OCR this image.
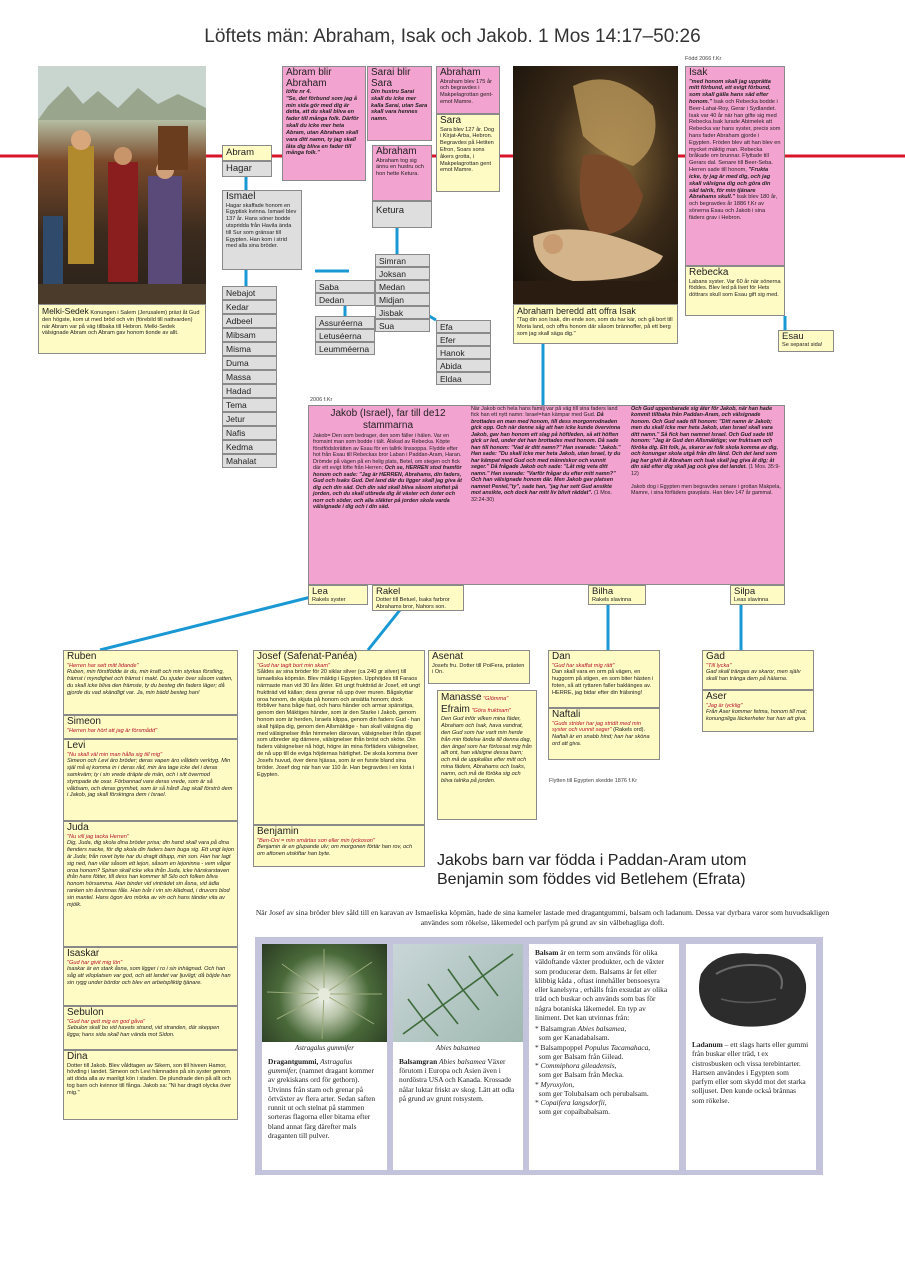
Löftets män: Abraham, Isak och Jakob. 1 Mos 14:17–50:26
Melki-Sedek Konungen i Salem (Jerusalem) präst åt Gud den högste, kom ut med bröd och vin (förebild till nattvarden) när Abram var på väg tillbaka till Hebron. Melki-Sedek välsignade Abram och Abram gav honom tionde av allt.
Abram
Hagar
Abram blir Abraham
löfte nr 4.
"Se, det förbund som jag å min sida gör med dig är detta, att du skall bliva en fader till många folk. Därför skall du icke mer heta Abram, utan Abraham skall vara ditt namn, ty jag skall låta dig bliva en fader till många folk."
Sarai blir Sara
Din hustru Sarai skall du icke mer kalla Sarai, utan Sara skall vara hennes namn.
Abraham
Abraham tog sig ännu en hustru och hon hette Ketura.
Ketura
Abraham
Abraham blev 175 år och begravdes i Makpelagrottan gent-emot Mamre.
Sara
Sara blev 127 år. Dog i Kirjat-Arba, Hebron. Begravdes på Hetiten Efron, Soars sons åkers grotta, i Makpelagrottan gent emot Mamre.
Ismael
Hagar skaffade honom en Egyptisk kvinna. Ismael blev 137 år. Hans söner bodde utspridda från Havila ända till Sur som gränsar till Egypten. Han kom i strid med alla sina bröder.
Nebajot
Kedar
Adbeel
Mibsam
Misma
Duma
Massa
Hadad
Tema
Jetur
Nafis
Kedma
Mahalat
Simran
Joksan
Medan
Midjan
Jisbak
Sua
Saba
Dedan
Assuréerna
Letuséerna
Leumméerna
Efa
Efer
Hanok
Abida
Eldaa
Abraham beredd att offra Isak
"Tag din son Isak, din ende son, som du har kär, och gå bort till Moria land, och offra honom där såsom brännoffer, på ett berg som jag skall säga dig."
Född 2066 f.Kr
Isak
"med honom skall jag upprätta mitt förbund, ett evigt förbund, som skall gälla hans säd efter honom." Isak och Rebecka bodde i Beer-Lahai-Roy, Gerar i Sydlandet. Isak var 40 år när han gifte sig med Rebecka.Isak lurade Abimelek att Rebecka var hans syster, precis som hans fader Abraham gjorde i Egypten. Fröden blev att han blev en mycket mäktig man. Rebecka bråkade om brunnar. Flyttade till Gerars dal. Senare till Beer-Seba. Herren sade till honom, "Frukta icke, ty jag är med dig, och jag skall välsigna dig och göra din säd talrik, för min tjänare Abrahams skull." Isak blev 180 år, och begravdes år 1886 f.Kr av sönerna Esau och Jakob i sina fäders grav i Hebron.
Rebecka
Labans syster. Var 60 år när sönerna föddes. Blev led på livet för Hets döttrars skull som Esau gift sig med.
Esau
Se separat sida!
2006 f.Kr
Jakob (Israel), far till de12 stammarna
Jakob= Den som bedrager, den som fäller i hälen. Var en fromsint man som bodde i tält. Älskad av Rebecka. Köpte förstfödslorätten av Esau för en tallrik linssoppa. Flydde efter hot från Esau till Rebeckas bror Laban i Paddan-Aram, Haran. Drömde på vägen på en helig plats, Betel, om stegen och fick där ett evigt löfte från Herren; Och se, HERREN stod framför honom och sade: "Jag är HERREN, Abrahams, din faders, Gud och Isaks Gud. Det land där du ligger skall jag giva åt dig och din säd. Och din säd skall bliva såsom stoftet på jorden, och du skall utbreda dig åt väster och öster och norr och söder, och alla släkter på jorden skola varda välsignade i dig och i din säd.
När Jakob och hela hans familj var på väg till sina faders land fick han ett nytt namn: Israel=han kämpar med Gud. Då brottades en man med honom, till dess morgonrodnaden gick opp. Och när denne såg att han icke kunde övervinna Jakob, gav han honom ett slag på höftleden, så att höften gick ur led, under det han brottades med honom. Då sade han till honom: "Vad är ditt namn?" Han svarade: "Jakob." Han sade: "Du skall icke mer heta Jakob, utan Israel, ty du har kämpat med Gud och med människor och vunnit seger." Då frågade Jakob och sade: "Låt mig veta ditt namn." Han svarade: "Varför frågar du efter mitt namn?" Och han välsignade honom där. Men Jakob gav platsen namnet Peniel,"ty", sade han, "jag har sett Gud ansikte mot ansikte, och dock har mitt liv blivit räddat". (1 Mos. 32:24-30)
Och Gud uppenbarade sig åter för Jakob, när han hade kommit tillbaka från Paddan-Aram, och välsignade honom. Och Gud sade till honom: "Ditt namn är Jakob; men du skall icke mer heta Jakob, utan Israel skall vara ditt namn." Så fick han namnet Israel. Och Gud sade till honom: "Jag är Gud den Allsmäktige; var fruktsam och föröka dig. Ett folk, ja, skaror av folk skola komma av dig, och konungar skola utgå från din länd. Och det land som jag har givit åt Abraham och Isak skall jag giva åt dig; åt din säd efter dig skall jag ock giva det landet. (1 Mos. 35:9-12)

Jakob dog i Egypten men begravdes senare i grottan Makpela, Mamre, i sina förfäders gravplats. Han blev 147 år gammal.
Lea
Rakels syster
Rakel
Dotter till Betuel, Isaks farbror Abrahams bror, Nahors son.
Bilha
Rakels slavinna
Silpa
Leas slavinna
Ruben
"Herren har sett mitt lidande"
Ruben, min förstfödde är du, min kraft och min styrkas förstling, främst i myndighet och främst i makt. Du sjuder över såsom vatten, du skall icke bliva den främste, ty du besteg din faders läger; då gjorde du vad skändligt var. Ja, min bädd besteg han!
Simeon
"Herren har hört att jag är försmådd"
Levi
"Nu skall väl min man hålla sig till mig"
Simeon och Levi äro bröder; deras vapen äro våldets verktyg. Min själ må ej komma in i deras råd, min ära tage icke del i deras samkväm; ty i sin vrede dräpte de män, och i sitt övermod stympade de oxar. Förbannad vare deras vrede, som är så våldsam, och deras grymhet, som är så hård! Jag skall förströ dem i Jakob, jag skall förskingra dem i Israel.
Juda
"Nu vill jag tacka Herren"
Dig, Juda, dig skola dina bröder prisa; din hand skall vara på dina fienders nacke, för dig skola din faders barn buga sig. Ett ungt lejon är Juda; från rovet byte har du dragit ditupp, min son. Han har lagt sig ned, han vilar såsom ett lejon, såsom en lejoninna - vem vågar oroa honom? Spiran skall icke vika ifrån Juda, icke härskarstaven ifrån hans fötter, till dess han kommer till Silo och folken bliva honom hörsamma. Han binder vid vinträdet sin åsna, vid ädla ranken sin åsninnas fåle. Han tvår i vin sin klädnad, i druvors blod sin mantel. Hans ögon äro mörka av vin och hans tänder vita av mjölk.
Isaskar
"Gud har givit mig lön"
Isaskar är en stark åsna, som ligger i ro i sin inhägnad. Och han såg att viloplatsen var god, och att landet var ljuvligt; då böjde han sin rygg under bördor och blev en arbetspliktig tjänare.
Sebulon
"Gud har gett mig en god gåva"
Sebulon skall bo vid havets strand, vid stranden, där skeppen ligga; hans sida skall han vända mot Sidon.
Dina
Dotter till Jakob. Blev våldtagen av Sikem, son till hiveen Hamor, hövding i landet. Simeon och Levi hämnades på sin syster genom att döda alla av manligt kön i staden. De plundrade den på allt och tog barn och kvinnor till fånga. Jakob sa: "Ni har dragit olycka över mig."
Josef (Safenat-Panéa)
"Gud har tagit bort min skam"
Såldes av sina bröder för 20 siklar silver (ca 240 gr silver) till ismaeliska köpmän. Blev mäktig i Egypten. Upphöjdes till Faraos närmaste man vid 30 års ålder. Ett ungt fruktträd är Josef, ett ungt fruktträd vid källan; dess grenar nå upp över muren. Bågskyttar oroa honom, de skjuta på honom och ansätta honom; dock förbliver hans båge fast, och hans händer och armar spänstiga, genom den Mäktiges händer, som är den Starke i Jakob, genom honom som är herden, Israels klippa, genom din faders Gud - han skall hjälpa dig, genom den Allsmäktige - han skall välsigna dig med välsignelser ifrån himmelen därovan, välsignelser ifrån djupet som utbreder sig därnere, välsignelser ifrån bröst och sköte. Din faders välsignelser nå högt, högre än mina förfäders välsignelser, de nå upp till de eviga höjdernas härlighet. De skola komma över Josefs huvud, över dens hjässa, som är en furste bland sina bröder. Josef dog när han var 110 år. Han begravdes i en kista i Egypten.
Benjamin
"Ben-Oni = min smärtas son eller min lyckoson"
Benjamin är en glupande ulv; om morgonen förtär han rov, och om aftonen utskiftar han byte.
Asenat
Josefs fru. Dotter till PoiFera, prästen i On.
Manasse "Glömma"
Efraim "Göra fruktsam"
Den Gud inför vilken mina fäder, Abraham och Isak, hava vandrat, den Gud som har varit min herde från min födelse ända till denna dag, den ängel som har förlossat mig från allt ont, han välsigne dessa barn; och må de uppkallas efter mitt och mina fäders, Abrahams och Isaks, namn, och må de föröka sig och bliva talrika på jorden.
Dan
"Gud har skaffat mig rätt"
Dan skall vara en orm på vägen, en huggorm på stigen, en som biter hästen i foten, så att ryttaren faller baklänges av. HERRE, jag bidar efter din frälsning!
Naftali
"Guds strider har jag stridit med min syster och vunnit seger" (Rakels ord).
Naftali är en snabb hind; han har sköna ord att giva.
Flytten till Egypten skedde 1876 f.Kr
Gad
"Till lycka"
Gad skall trängas av skaror, men själv skall han tränga dem på hälarna.
Aser
"Jag är lycklig"
Från Aser kommer fetma, honom till mat; konungsliga läckerheter har han att giva.
Jakobs barn var födda i Paddan-Aram utom Benjamin som föddes vid Betlehem (Efrata)
När Josef av sina bröder blev såld till en karavan av Ismaeliska köpmän, hade de sina kameler lastade med dragantgummi, balsam och ladanum. Dessa var dyrbara varor som huvudsakligen användes som rökelse, läkemedel och parfym på grund av sin välbehagliga doft.
Astragalus gummifer
Dragantgummi, Astragalus gummifer, (namnet dragant kommer av grekiskans ord för gethorn). Utvinns från stam och grenar på örtväxter av flera arter. Sedan saften runnit ut och stelnat på stammen sorteras flagorna eller bitarna efter bland annat färg därefter mals draganten till pulver.
Abies balsamea
Balsamgran Abies balsamea Växer förutom i Europa och Asien även i nordöstra USA och Kanada. Krossade nålar luktar friskt av skog. Lätt att odla på grund av grunt rotsystem.
Balsam är en term som används för olika väldoftande växter produkter, och de växter som producerar dem. Balsams är fet eller klibbig kåda , oftast innehåller bensoesyra eller kanelsyra , erhålls från exsudat av olika träd och buskar och används som bas för några botaniska läkemedel. En typ av liniment. Det kan utvinnas från:
* Balsamgran Abies balsamea,
som ger Kanadabalsam.
* Balsampoppel Populus Tacamahaca,
som ger Balsam från Gilead.
* Commiphora gileadensis,
som ger Balsam från Mecka.
* Myroxylon,
som ger Tolubalsam och perubalsam.
* Copaifera langsdorfii,
som ger copaibabalsam.
Ladanum – ett slags harts eller gummi från buskar eller träd, t ex cistrosbusken och vissa terebintarter. Hartsen användes i Egypten som parfym eller som skydd mot det starka solljuset. Den kunde också brännas som rökelse.
